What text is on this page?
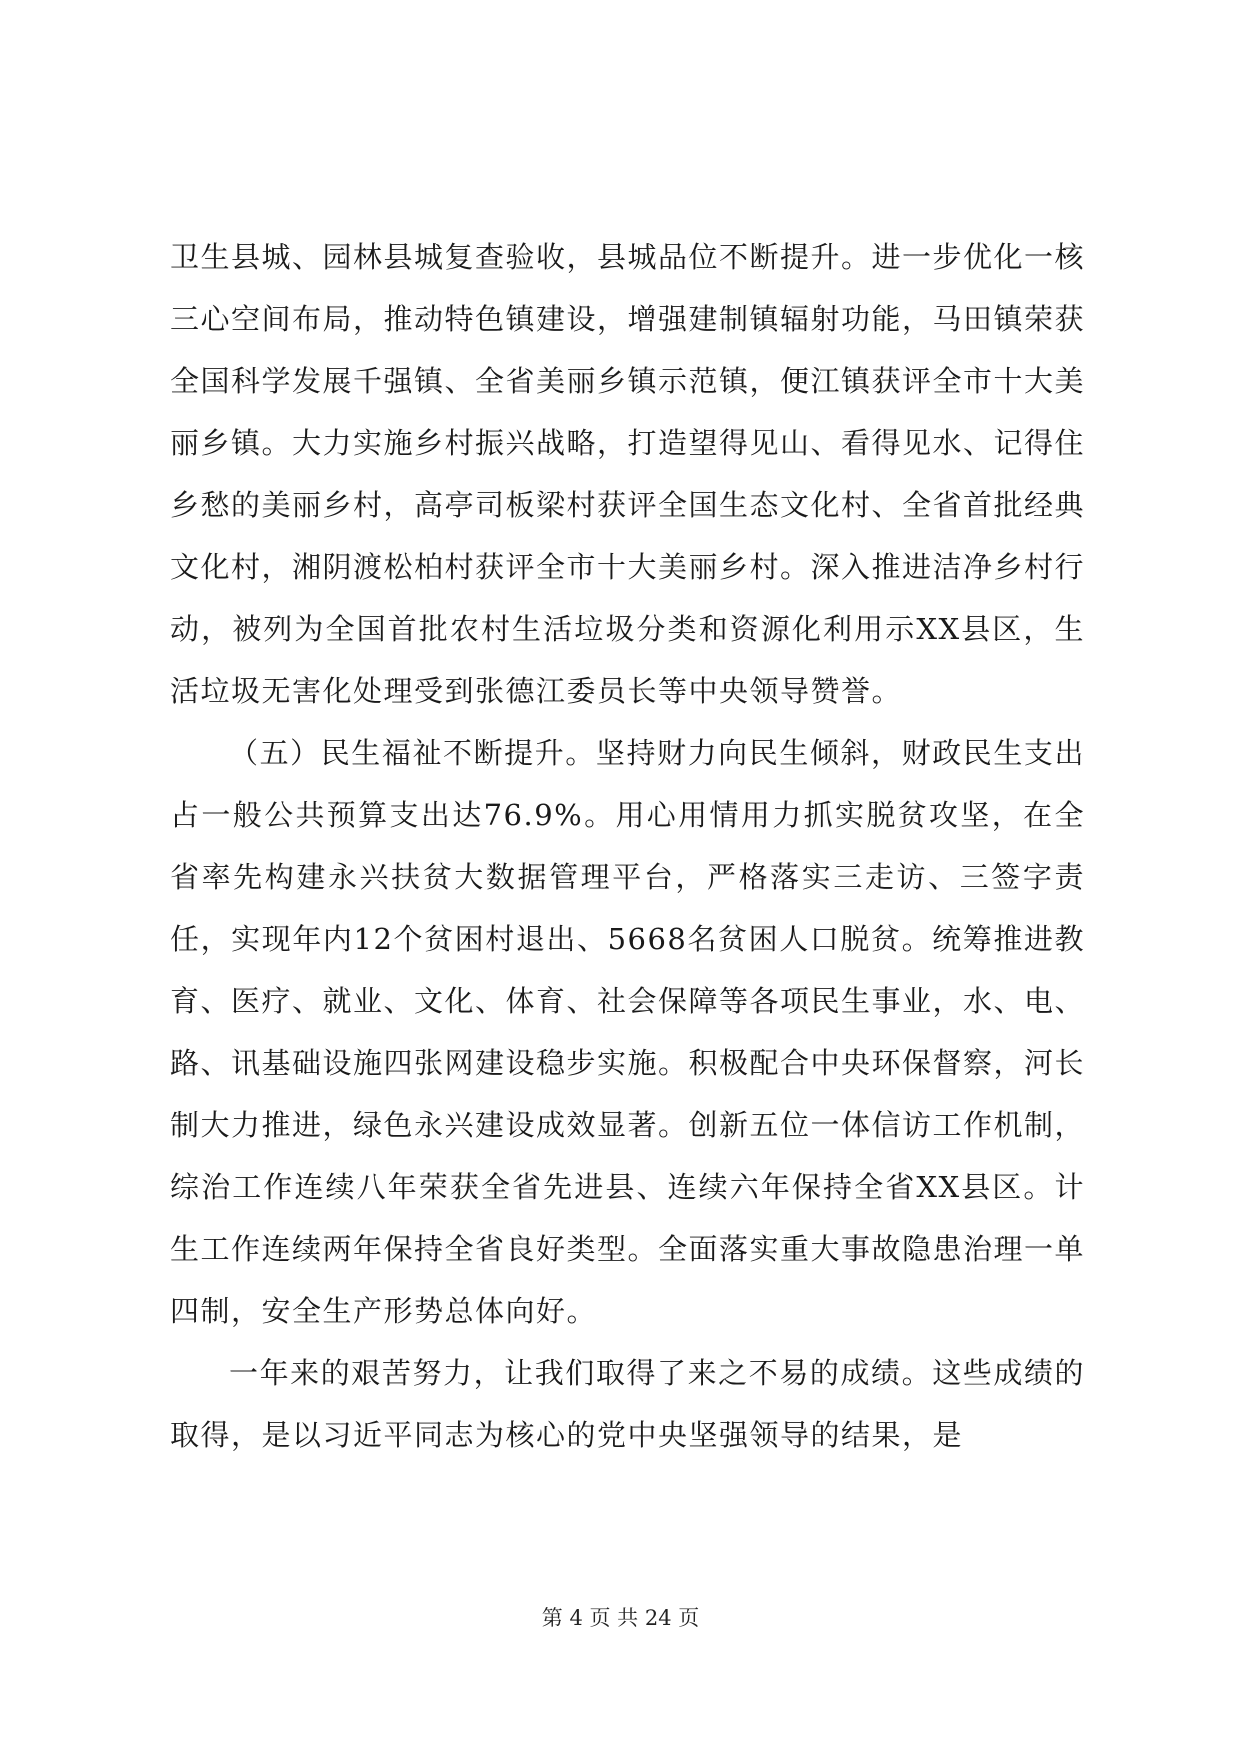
卫生县城、园林县城复查验收，县城品位不断提升。进一步优化一核三心空间布局，推动特色镇建设，增强建制镇辐射功能，马田镇荣获全国科学发展千强镇、全省美丽乡镇示范镇，便江镇获评全市十大美丽乡镇。大力实施乡村振兴战略，打造望得见山、看得见水、记得住乡愁的美丽乡村，高亭司板梁村获评全国生态文化村、全省首批经典文化村，湘阴渡松柏村获评全市十大美丽乡村。深入推进洁净乡村行动，被列为全国首批农村生活垃圾分类和资源化利用示XX县区，生活垃圾无害化处理受到张德江委员长等中央领导赞誉。

（五）民生福祉不断提升。坚持财力向民生倾斜，财政民生支出占一般公共预算支出达76.9%。用心用情用力抓实脱贫攻坚，在全省率先构建永兴扶贫大数据管理平台，严格落实三走访、三签字责任，实现年内12个贫困村退出、5668名贫困人口脱贫。统筹推进教育、医疗、就业、文化、体育、社会保障等各项民生事业，水、电、路、讯基础设施四张网建设稳步实施。积极配合中央环保督察，河长制大力推进，绿色永兴建设成效显著。创新五位一体信访工作机制，综治工作连续八年荣获全省先进县、连续六年保持全省XX县区。计生工作连续两年保持全省良好类型。全面落实重大事故隐患治理一单四制，安全生产形势总体向好。

一年来的艰苦努力，让我们取得了来之不易的成绩。这些成绩的取得，是以习近平同志为核心的党中央坚强领导的结果，是

第 4 页 共 24 页
